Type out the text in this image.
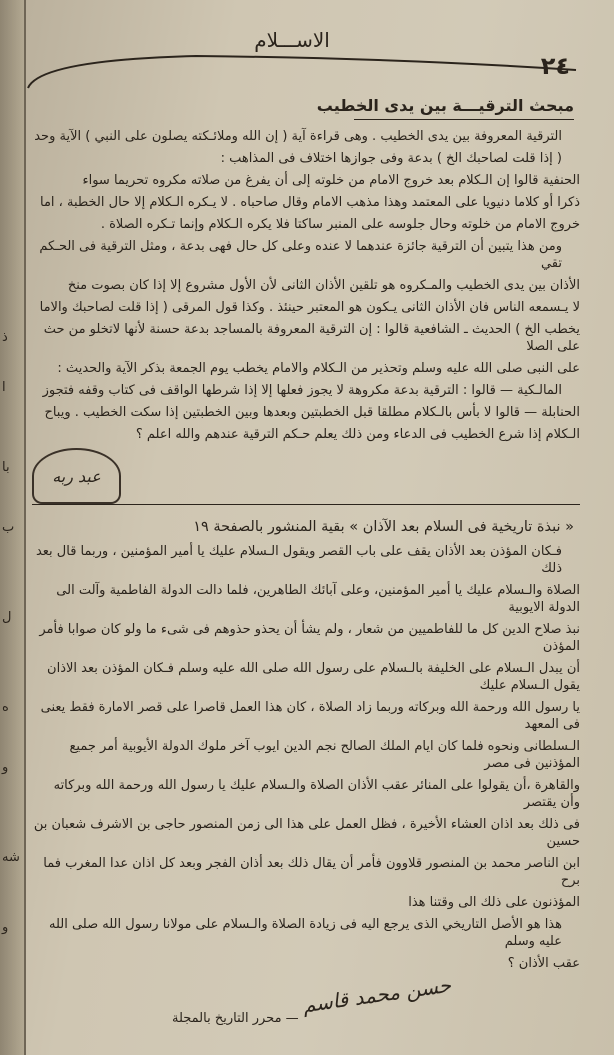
ذ
ا
با
ب
ل
ه
و
شه
و
الاســـلام
٢٤
مبحث الترقيـــة بين يدى الخطيب
الترقية المعروفة بين يدى الخطيب . وهى قراءة آية ( إن الله وملائـكته يصلون على النبي ) الآية وحد
( إذا قلت لصاحبك الخ ) بدعة وفى جوازها اختلاف فى المذاهب :
الحنفية قالوا إن الـكلام بعد خروج الامام من خلوته إلى أن يفرغ من صلاته مكروه تحريما سواء
ذكرا أو كلاما دنيويا على المعتمد وهذا مذهب الامام وقال صاحباه . لا يـكره الـكلام إلا حال الخطبة ، اما
خروج الامام من خلوته وحال جلوسه على المنبر ساكتا فلا يكره الـكلام وإنما تـكره الصلاة .
ومن هذا يتبين أن الترقية جائزة عندهما لا عنده وعلى كل حال فهى بدعة ، ومثل الترقية فى الحـكم تقي
الأذان بين يدى الخطيب والمـكروه هو تلقين الأذان الثانى لأن الأول مشروع إلا إذا كان بصوت منخ
لا يـسمعه الناس فان الأذان الثانى يـكون هو المعتبر حينئذ . وكذا قول المرقى ( إذا قلت لصاحبك والاما
يخطب الخ ) الحديث ـ الشافعية قالوا : إن الترقية المعروفة بالمساجد بدعة حسنة لأنها لاتخلو من حث على الصلا
على النبى صلى الله عليه وسلم وتحذير من الـكلام والامام يخطب يوم الجمعة بذكر الآية والحديث :
المالـكية — قالوا : الترقية بدعة مكروهة لا يجوز فعلها إلا إذا شرطها الواقف فى كتاب وقفه فتجوز
الحنابلة — قالوا لا بأس بالـكلام مطلقا قبل الخطبتين وبعدها وبين الخطبتين إذا سكت الخطيب . ويباح
الـكلام إذا شرع الخطيب فى الدعاء ومن ذلك يعلم حـكم الترقية عندهم والله اعلم ؟
عبد ربه
« نبذة تاريخية فى السلام بعد الآذان » بقية المنشور بالصفحة ١٩
فـكان المؤذن بعد الأذان يقف على باب القصر ويقول الـسلام عليك يا أمير المؤمنين ، وربما قال بعد ذلك
الصلاة والـسلام عليك يا أمير المؤمنين، وعلى آبائك الطاهرين، فلما دالت الدولة الفاطمية وآلت الى الدولة الايوبية
نبذ صلاح الدين كل ما للفاطميين من شعار ، ولم يشأ أن يحذو حذوهم فى شىء ما ولو كان صوابا فأمر المؤذن
أن يبدل الـسلام على الخليفة بالـسلام على رسول الله صلى الله عليه وسلم فـكان المؤذن بعد الاذان يقول الـسلام عليك
يا رسول الله ورحمة الله وبركاته وربما زاد الصلاة ، كان هذا العمل قاصرا على قصر الامارة فقط يعنى فى المعهد
الـسلطانى ونحوه فلما كان ايام الملك الصالح نجم الدين ايوب آخر ملوك الدولة الأيوبية أمر جميع المؤذنين فى مصر
والقاهرة ،أن يقولوا على المنائر عقب الأذان الصلاة والـسلام عليك يا رسول الله ورحمة الله وبركاته وأن يقتصر
فى ذلك بعد اذان العشاء الأخيرة ، فظل العمل على هذا الى زمن المنصور حاجى بن الاشرف شعبان بن حسين
ابن الناصر محمد بن المنصور قلاوون فأمر أن يقال ذلك بعد أذان الفجر وبعد كل اذان عدا المغرب فما برح
المؤذنون على ذلك الى وقتنا هذا
هذا هو الأصل التاريخي الذى يرجع اليه فى زيادة الصلاة والـسلام على مولانا رسول الله صلى الله عليه وسلم
عقب الأذان ؟
حسن محمد قاسم
— محرر التاريخ بالمجلة
